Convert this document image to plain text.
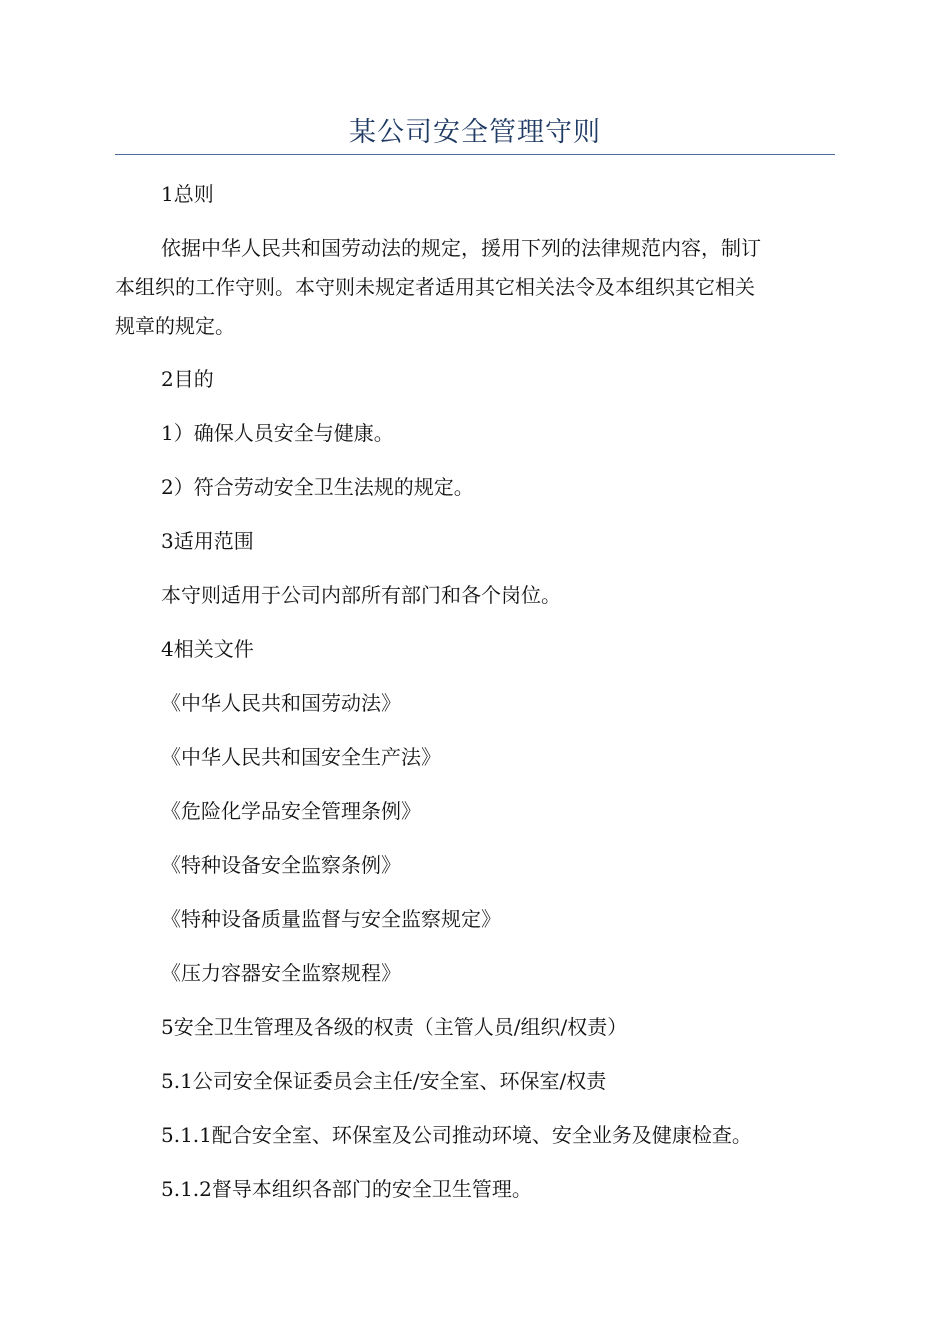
某公司安全管理守则
1总则
依据中华人民共和国劳动法的规定，援用下列的法律规范内容，制订
本组织的工作守则。本守则未规定者适用其它相关法令及本组织其它相关
规章的规定。
2目的
1）确保人员安全与健康。
2）符合劳动安全卫生法规的规定。
3适用范围
本守则适用于公司内部所有部门和各个岗位。
4相关文件
《中华人民共和国劳动法》
《中华人民共和国安全生产法》
《危险化学品安全管理条例》
《特种设备安全监察条例》
《特种设备质量监督与安全监察规定》
《压力容器安全监察规程》
5安全卫生管理及各级的权责（主管人员/组织/权责）
5.1公司安全保证委员会主任/安全室、环保室/权责
5.1.1配合安全室、环保室及公司推动环境、安全业务及健康检查。
5.1.2督导本组织各部门的安全卫生管理。
